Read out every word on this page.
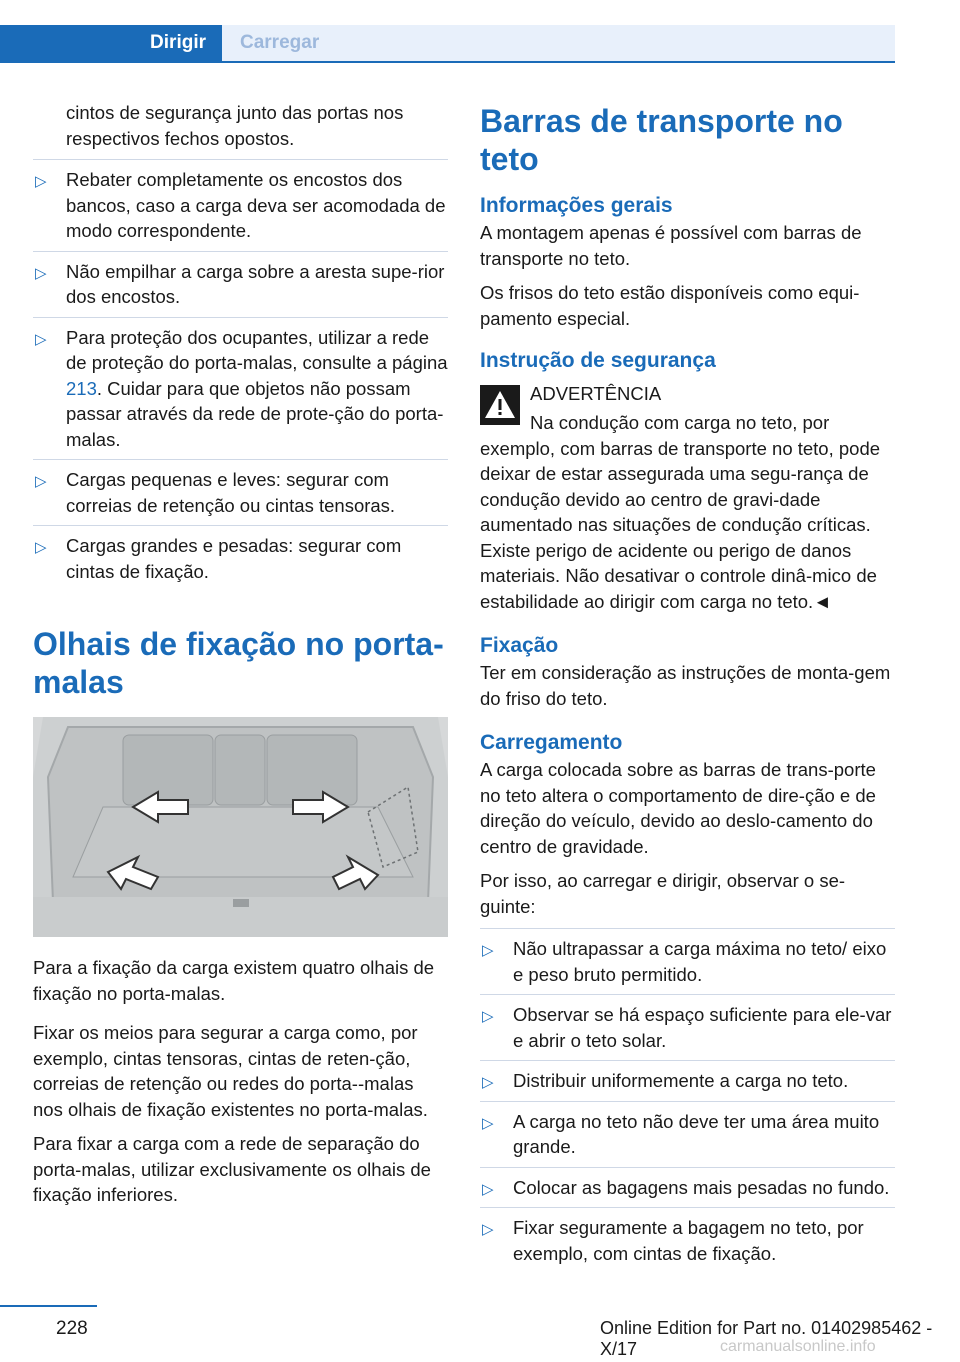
Dirigir	Carregar

cintos de segurança junto das portas nos respectivos fechos opostos.

▷ Rebater completamente os encostos dos bancos, caso a carga deva ser acomodada de modo correspondente.
▷ Não empilhar a carga sobre a aresta supe‐rior dos encostos.
▷ Para proteção dos ocupantes, utilizar a rede de proteção do porta-malas, consulte a página 213. Cuidar para que objetos não possam passar através da rede de prote‐ção do porta-malas.
▷ Cargas pequenas e leves: segurar com correias de retenção ou cintas tensoras.
▷ Cargas grandes e pesadas: segurar com cintas de fixação.
Olhais de fixação no porta‐malas

Para a fixação da carga existem quatro olhais de fixação no porta-malas.

Fixar os meios para segurar a carga como, por exemplo, cintas tensoras, cintas de reten‐ção, correias de retenção ou redes do porta‐-malas nos olhais de fixação existentes no porta-malas.

Para fixar a carga com a rede de separação do porta-malas, utilizar exclusivamente os olhais de fixação inferiores.

Barras de transporte no teto
Informações gerais

A montagem apenas é possível com barras de transporte no teto.

Os frisos do teto estão disponíveis como equi‐pamento especial.

Instrução de segurança
ADVERTÊNCIA

Na condução com carga no teto, por exemplo, com barras de transporte no teto, pode deixar de estar assegurada uma segu‐rança de condução devido ao centro de gravi‐dade aumentado nas situações de condução críticas. Existe perigo de acidente ou perigo de danos materiais. Não desativar o controle dinâ‐mico de estabilidade ao dirigir com carga no teto.◄

Fixação

Ter em consideração as instruções de monta‐gem do friso do teto.

Carregamento

A carga colocada sobre as barras de trans‐porte no teto altera o comportamento de dire‐ção e de direção do veículo, devido ao deslo‐camento do centro de gravidade.

Por isso, ao carregar e dirigir, observar o se‐guinte:

▷ Não ultrapassar a carga máxima no teto/ eixo e peso bruto permitido.
▷ Observar se há espaço suficiente para ele‐var e abrir o teto solar.
▷ Distribuir uniformemente a carga no teto.
▷ A carga no teto não deve ter uma área muito grande.
▷ Colocar as bagagens mais pesadas no fundo.
▷ Fixar seguramente a bagagem no teto, por exemplo, com cintas de fixação.
228	Online Edition for Part no. 01402985462 - X/17	carmanualsonline.info
